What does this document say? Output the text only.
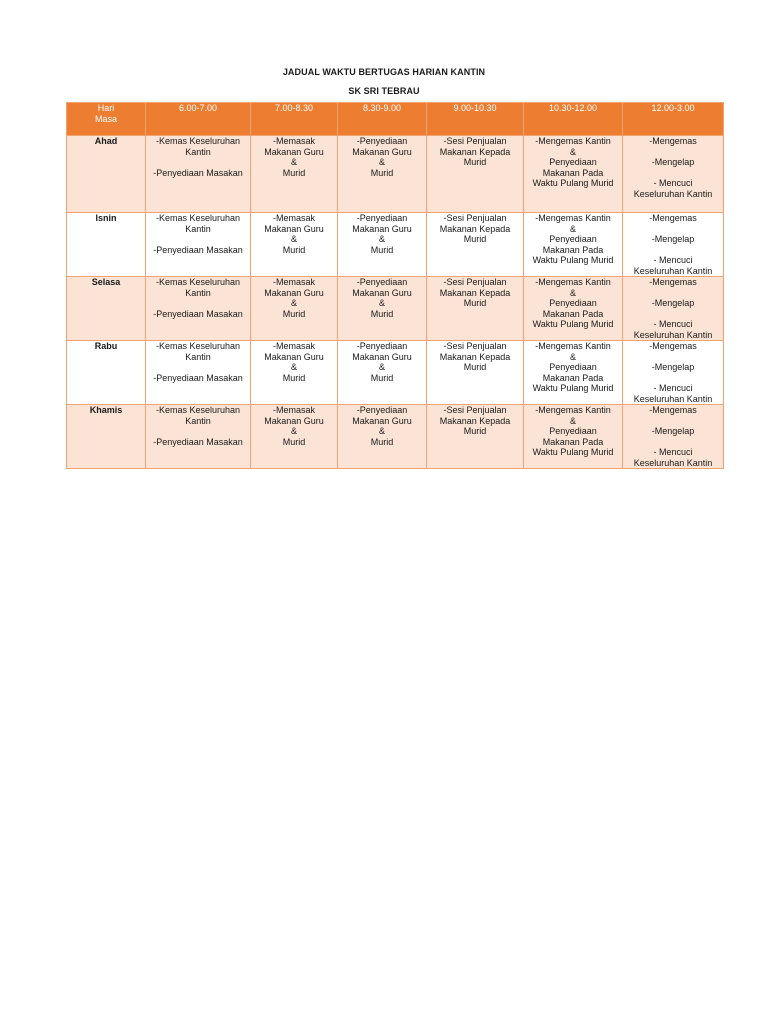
JADUAL WAKTU BERTUGAS HARIAN KANTIN
SK SRI TEBRAU
Hari
Masa	6.00-7.00	7.00-8.30	8.30-9.00	9.00-10.30	10.30-12.00	12.00-3.00
Ahad	-Kemas Keseluruhan
Kantin
-Penyediaan Masakan	-Memasak
Makanan Guru
&
Murid	-Penyediaan
Makanan Guru
&
Murid	-Sesi Penjualan
Makanan Kepada
Murid	-Mengemas Kantin
&
Penyediaan
Makanan Pada
Waktu Pulang Murid	-Mengemas
-Mengelap
- Mencuci
Keseluruhan Kantin

Isnin	-Kemas Keseluruhan
Kantin
-Penyediaan Masakan	-Memasak
Makanan Guru
&
Murid	-Penyediaan
Makanan Guru
&
Murid	-Sesi Penjualan
Makanan Kepada
Murid	-Mengemas Kantin
&
Penyediaan
Makanan Pada
Waktu Pulang Murid	-Mengemas
-Mengelap
- Mencuci
Keseluruhan Kantin

Selasa	-Kemas Keseluruhan
Kantin
-Penyediaan Masakan	-Memasak
Makanan Guru
&
Murid	-Penyediaan
Makanan Guru
&
Murid	-Sesi Penjualan
Makanan Kepada
Murid	-Mengemas Kantin
&
Penyediaan
Makanan Pada
Waktu Pulang Murid	-Mengemas
-Mengelap
- Mencuci
Keseluruhan Kantin

Rabu	-Kemas Keseluruhan
Kantin
-Penyediaan Masakan	-Memasak
Makanan Guru
&
Murid	-Penyediaan
Makanan Guru
&
Murid	-Sesi Penjualan
Makanan Kepada
Murid	-Mengemas Kantin
&
Penyediaan
Makanan Pada
Waktu Pulang Murid	-Mengemas
-Mengelap
- Mencuci
Keseluruhan Kantin

Khamis	-Kemas Keseluruhan
Kantin
-Penyediaan Masakan	-Memasak
Makanan Guru
&
Murid	-Penyediaan
Makanan Guru
&
Murid	-Sesi Penjualan
Makanan Kepada
Murid	-Mengemas Kantin
&
Penyediaan
Makanan Pada
Waktu Pulang Murid	-Mengemas
-Mengelap
- Mencuci
Keseluruhan Kantin
